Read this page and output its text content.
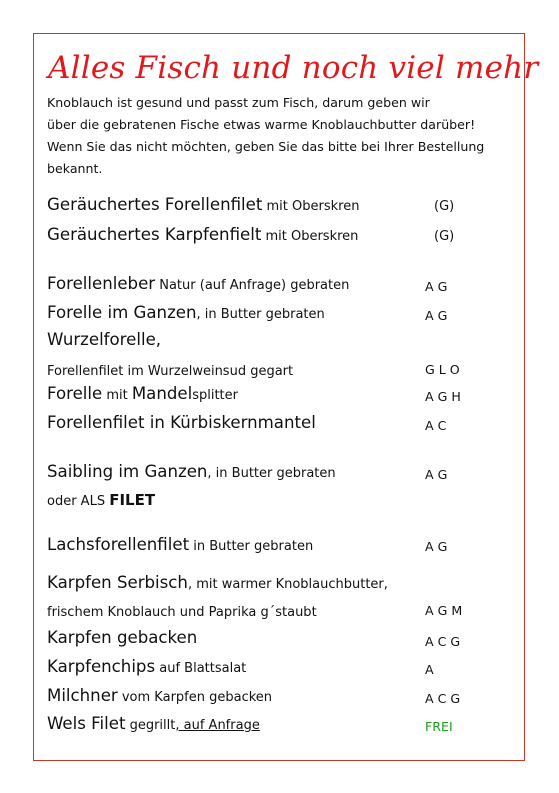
Alles Fisch und noch viel mehr
Knoblauch ist gesund und passt zum Fisch, darum geben wir
über die gebratenen Fische etwas warme Knoblauchbutter darüber!
Wenn Sie das nicht möchten, geben Sie das bitte bei Ihrer Bestellung
bekannt.
Geräuchertes Forellenfilet mit Oberskren	(G)
Geräuchertes Karpfenfielt mit Oberskren	(G)
Forellenleber Natur (auf Anfrage) gebraten	A G
Forelle im Ganzen, in Butter gebraten	A G
Wurzelforelle,
Forellenfilet im Wurzelweinsud gegart	G L O
Forelle mit Mandelsplitter	A G H
Forellenfilet in Kürbiskernmantel	A C
Saibling im Ganzen, in Butter gebraten	A G
oder ALS FILET
Lachsforellenfilet in Butter gebraten	A G
Karpfen Serbisch, mit warmer Knoblauchbutter,
frischem Knoblauch und Paprika g´staubt	A G M
Karpfen gebacken	A C G
Karpfenchips auf Blattsalat	A
Milchner vom Karpfen gebacken	A C G
Wels Filet gegrillt, auf Anfrage	FREI
